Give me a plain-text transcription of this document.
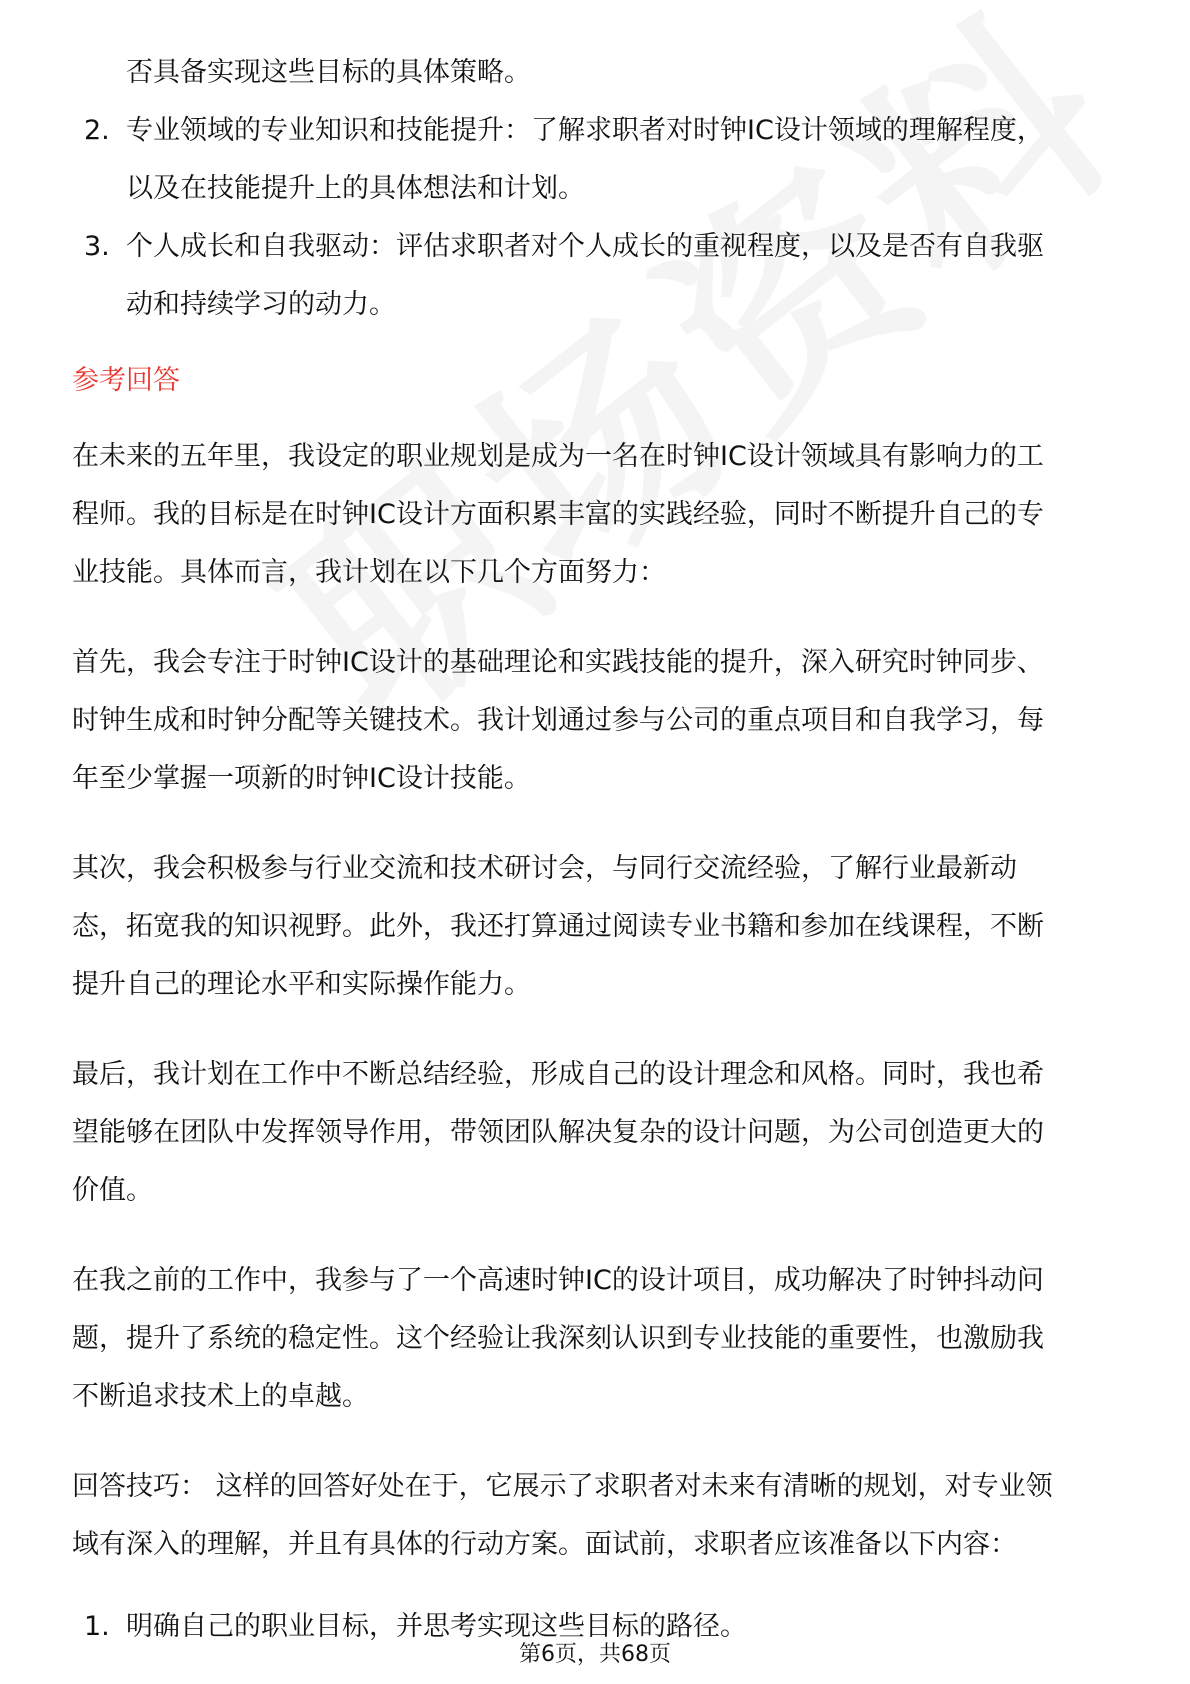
否具备实现这些目标的具体策略。
2. 专业领域的专业知识和技能提升：了解求职者对时钟IC设计领域的理解程度，
以及在技能提升上的具体想法和计划。
3. 个人成长和自我驱动：评估求职者对个人成长的重视程度，以及是否有自我驱
动和持续学习的动力。
参考回答

在未来的五年里，我设定的职业规划是成为一名在时钟IC设计领域具有影响力的工
程师。我的目标是在时钟IC设计方面积累丰富的实践经验，同时不断提升自己的专
业技能。具体而言，我计划在以下几个方面努力：

首先，我会专注于时钟IC设计的基础理论和实践技能的提升，深入研究时钟同步、
时钟生成和时钟分配等关键技术。我计划通过参与公司的重点项目和自我学习，每
年至少掌握一项新的时钟IC设计技能。

其次，我会积极参与行业交流和技术研讨会，与同行交流经验，了解行业最新动
态，拓宽我的知识视野。此外，我还打算通过阅读专业书籍和参加在线课程，不断
提升自己的理论水平和实际操作能力。

最后，我计划在工作中不断总结经验，形成自己的设计理念和风格。同时，我也希
望能够在团队中发挥领导作用，带领团队解决复杂的设计问题，为公司创造更大的
价值。

在我之前的工作中，我参与了一个高速时钟IC的设计项目，成功解决了时钟抖动问
题，提升了系统的稳定性。这个经验让我深刻认识到专业技能的重要性，也激励我
不断追求技术上的卓越。

回答技巧： 这样的回答好处在于，它展示了求职者对未来有清晰的规划，对专业领
域有深入的理解，并且有具体的行动方案。面试前，求职者应该准备以下内容：
1. 明确自己的职业目标，并思考实现这些目标的路径。
第6页，共68页
